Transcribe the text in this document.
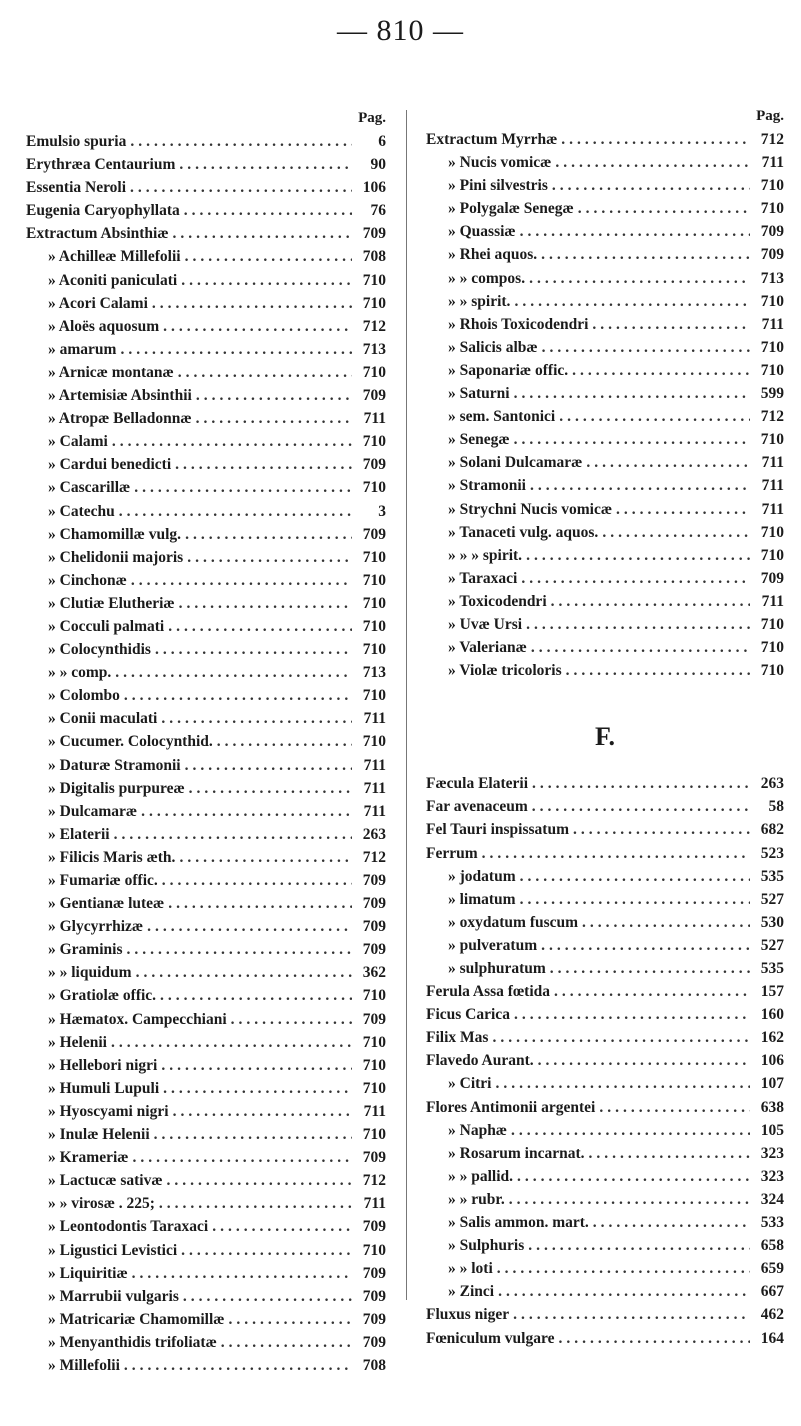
— 810 —
Pag.
Emulsio spuria .....	6
Erythræa Centaurium .....	90
Essentia Neroli .....	106
Eugenia Caryophyllata .....	76
Extractum Absinthiæ .....	709
» Achilleæ Millefolii .....	708
» Aconiti paniculati .....	710
» Acori Calami .....	710
» Aloës aquosum .....	712
» amarum .....	713
» Arnicæ montanæ .....	710
» Artemisiæ Absinthii .....	709
» Atropæ Belladonnæ .....	711
» Calami .....	710
» Cardui benedicti .....	709
» Cascarillæ .....	710
» Catechu .....	3
» Chamomillæ vulg. .....	709
» Chelidonii majoris .....	710
» Cinchonæ .....	710
» Clutiæ Elutheriæ .....	710
» Cocculi palmati .....	710
» Colocynthidis .....	710
» » comp. .....	713
» Colombo .....	710
» Conii maculati .....	711
» Cucumer. Colocynthid. .....	710
» Daturæ Stramonii .....	711
» Digitalis purpureæ .....	711
» Dulcamaræ .....	711
» Elaterii .....	263
» Filicis Maris æth. .....	712
» Fumariæ offic. .....	709
» Gentianæ luteæ .....	709
» Glycyrrhizæ .....	709
» Graminis .....	709
» » liquidum .....	362
» Gratiolæ offic. .....	710
» Hæmatox. Campecchiani .....	709
» Helenii .....	710
» Hellebori nigri .....	710
» Humuli Lupuli .....	710
» Hyoscyami nigri .....	711
» Inulæ Helenii .....	710
» Krameriæ .....	709
» Lactucæ sativæ .....	712
» » virosæ . 225; .....	711
» Leontodontis Taraxaci .....	709
» Ligustici Levistici .....	710
» Liquiritiæ .....	709
» Marrubii vulgaris .....	709
» Matricariæ Chamomillæ .....	709
» Menyanthidis trifoliatæ .....	709
» Millefolii .....	708
Pag.
Extractum Myrrhæ .....	712
» Nucis vomicæ .....	711
» Pini silvestris .....	710
» Polygalæ Senegæ .....	710
» Quassiæ .....	709
» Rhei aquos. .....	709
» » compos. .....	713
» » spirit. .....	710
» Rhois Toxicodendri .....	711
» Salicis albæ .....	710
» Saponariæ offic. .....	710
» Saturni .....	599
» sem. Santonici .....	712
» Senegæ .....	710
» Solani Dulcamaræ .....	711
» Stramonii .....	711
» Strychni Nucis vomicæ .....	711
» Tanaceti vulg. aquos. .....	710
» » » spirit. .....	710
» Taraxaci .....	709
» Toxicodendri .....	711
» Uvæ Ursi .....	710
» Valerianæ .....	710
» Violæ tricoloris .....	710
F.
Fæcula Elaterii .....	263
Far avenaceum .....	58
Fel Tauri inspissatum .....	682
Ferrum .....	523
» jodatum .....	535
» limatum .....	527
» oxydatum fuscum .....	530
» pulveratum .....	527
» sulphuratum .....	535
Ferula Assa fœtida .....	157
Ficus Carica .....	160
Filix Mas .....	162
Flavedo Aurant. .....	106
» Citri .....	107
Flores Antimonii argentei .....	638
» Naphæ .....	105
» Rosarum incarnat. .....	323
» » pallid. .....	323
» » rubr. .....	324
» Salis ammon. mart. .....	533
» Sulphuris .....	658
» » loti .....	659
» Zinci .....	667
Fluxus niger .....	462
Fœniculum vulgare .....	164
